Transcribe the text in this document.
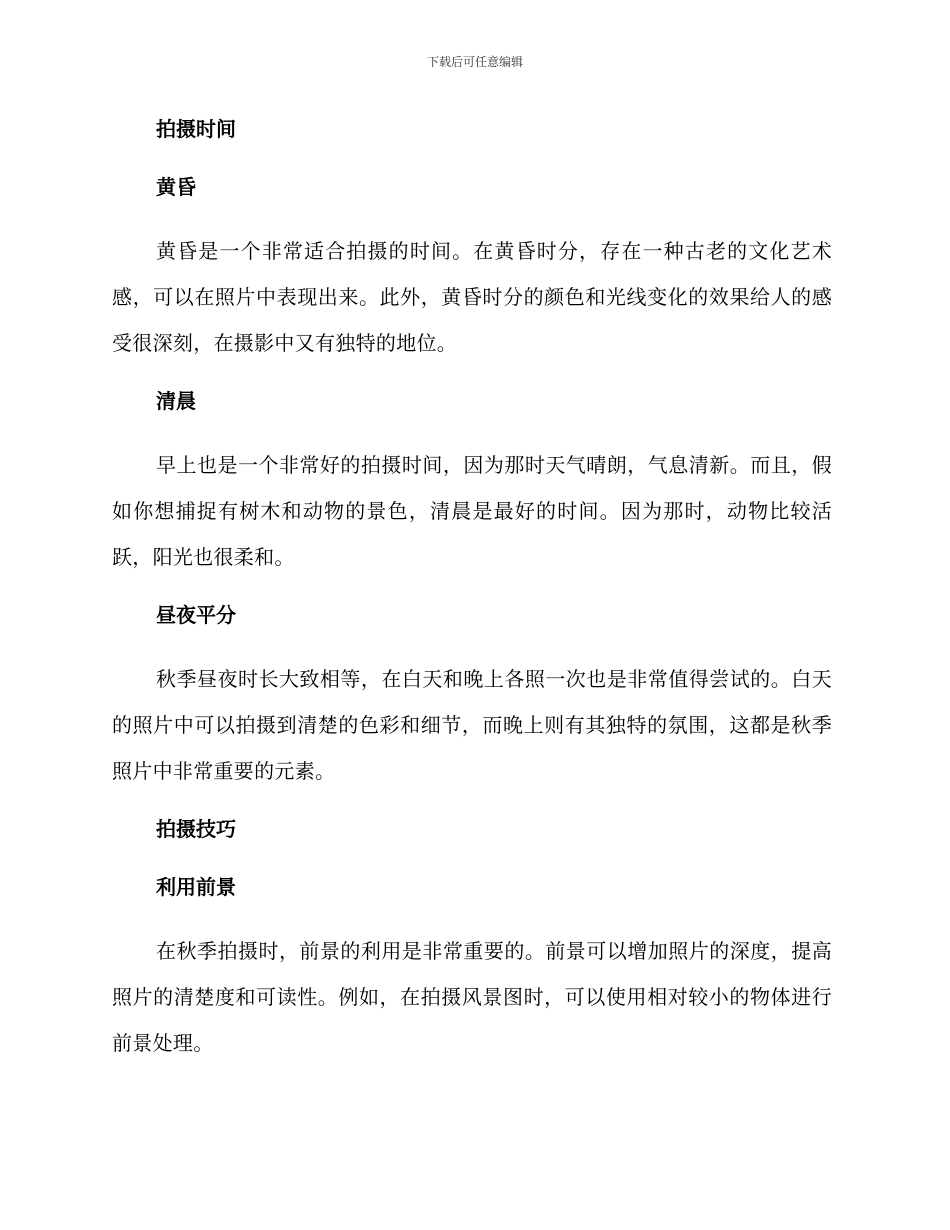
下载后可任意编辑
拍摄时间
黄昏

黄昏是一个非常适合拍摄的时间。在黄昏时分，存在一种古老的文化艺术感，可以在照片中表现出来。此外，黄昏时分的颜色和光线变化的效果给人的感受很深刻，在摄影中又有独特的地位。

清晨

早上也是一个非常好的拍摄时间，因为那时天气晴朗，气息清新。而且，假如你想捕捉有树木和动物的景色，清晨是最好的时间。因为那时，动物比较活跃，阳光也很柔和。

昼夜平分

秋季昼夜时长大致相等，在白天和晚上各照一次也是非常值得尝试的。白天的照片中可以拍摄到清楚的色彩和细节，而晚上则有其独特的氛围，这都是秋季照片中非常重要的元素。

拍摄技巧
利用前景

在秋季拍摄时，前景的利用是非常重要的。前景可以增加照片的深度，提高照片的清楚度和可读性。例如，在拍摄风景图时，可以使用相对较小的物体进行前景处理。
